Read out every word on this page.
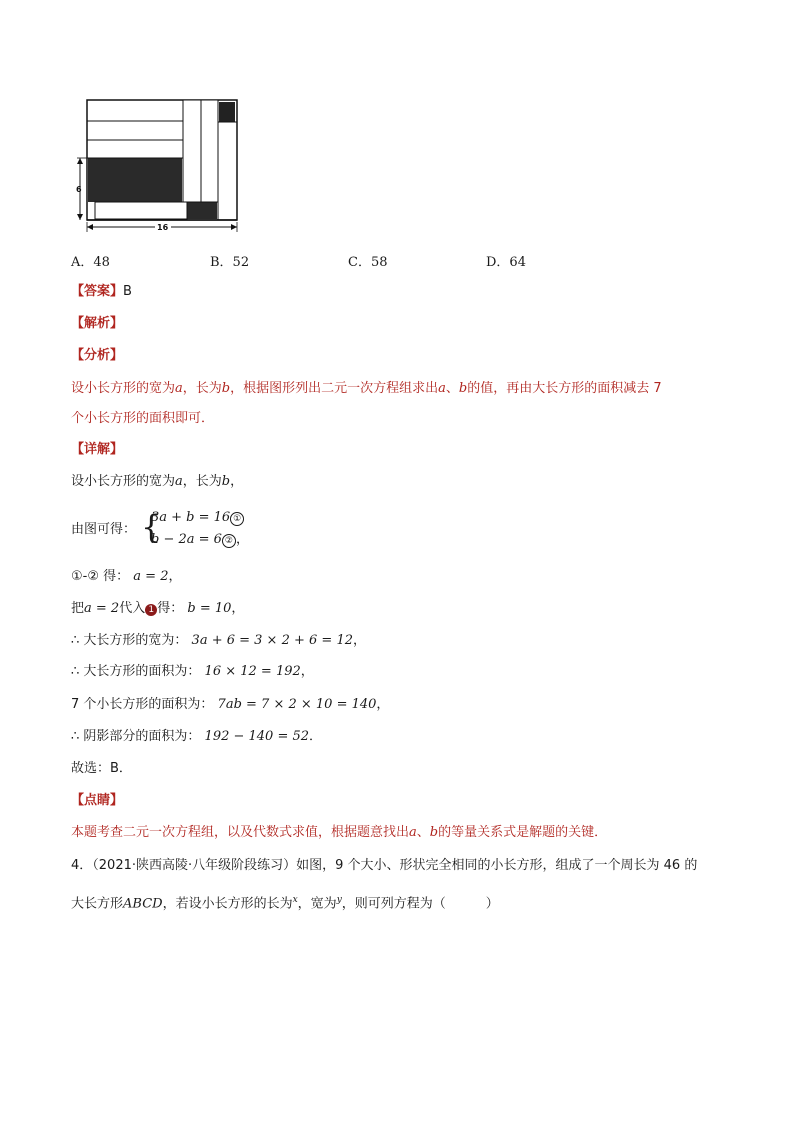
6
16
A．48	B．52	C．58	D．64
【答案】B
【解析】
【分析】
设小长方形的宽为a，长为b，根据图形列出二元一次方程组求出a、b的值，再由大长方形的面积减去 7
个小长方形的面积即可．
【详解】
设小长方形的宽为a，长为b，
由图可得： {
3a + b = 16 ①
b − 2a = 6 ② ，
①-② 得： a = 2，
把a = 2代入 1 得： b = 10，
∴ 大长方形的宽为： 3a + 6 = 3 × 2 + 6 = 12，
∴ 大长方形的面积为： 16 × 12 = 192，
7 个小长方形的面积为： 7ab = 7 × 2 × 10 = 140，
∴ 阴影部分的面积为： 192 − 140 = 52．
故选：B．
【点睛】
本题考查二元一次方程组，以及代数式求值，根据题意找出a、b的等量关系式是解题的关键．
4．（2021·陕西高陵·八年级阶段练习）如图，9 个大小、形状完全相同的小长方形，组成了一个周长为 46 的
大长方形ABCD，若设小长方形的长为$^x$，宽为$^y$，则可列方程为（	）
